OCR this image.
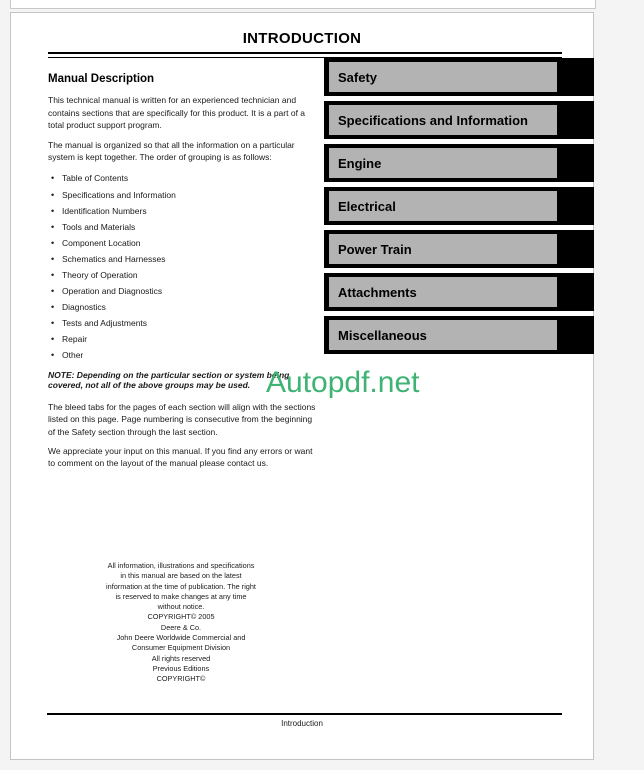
INTRODUCTION
Manual Description

This technical manual is written for an experienced technician and contains sections that are specifically for this product. It is a part of a total product support program.

The manual is organized so that all the information on a particular system is kept together. The order of grouping is as follows:

• Table of Contents
• Specifications and Information
• Identification Numbers
• Tools and Materials
• Component Location
• Schematics and Harnesses
• Theory of Operation
• Operation and Diagnostics
• Diagnostics
• Tests and Adjustments
• Repair
• Other

NOTE: Depending on the particular section or system being covered, not all of the above groups may be used.

The bleed tabs for the pages of each section will align with the sections listed on this page. Page numbering is consecutive from the beginning of the Safety section through the last section.

We appreciate your input on this manual. If you find any errors or want to comment on the layout of the manual please contact us.

Safety
Specifications and Information
Engine
Electrical
Power Train
Attachments
Miscellaneous
Autopdf.net
All information, illustrations and specifications in this manual are based on the latest information at the time of publication. The right is reserved to make changes at any time without notice.
COPYRIGHT© 2005
Deere & Co.
John Deere Worldwide Commercial and Consumer Equipment Division
All rights reserved
Previous Editions
COPYRIGHT©
Introduction
